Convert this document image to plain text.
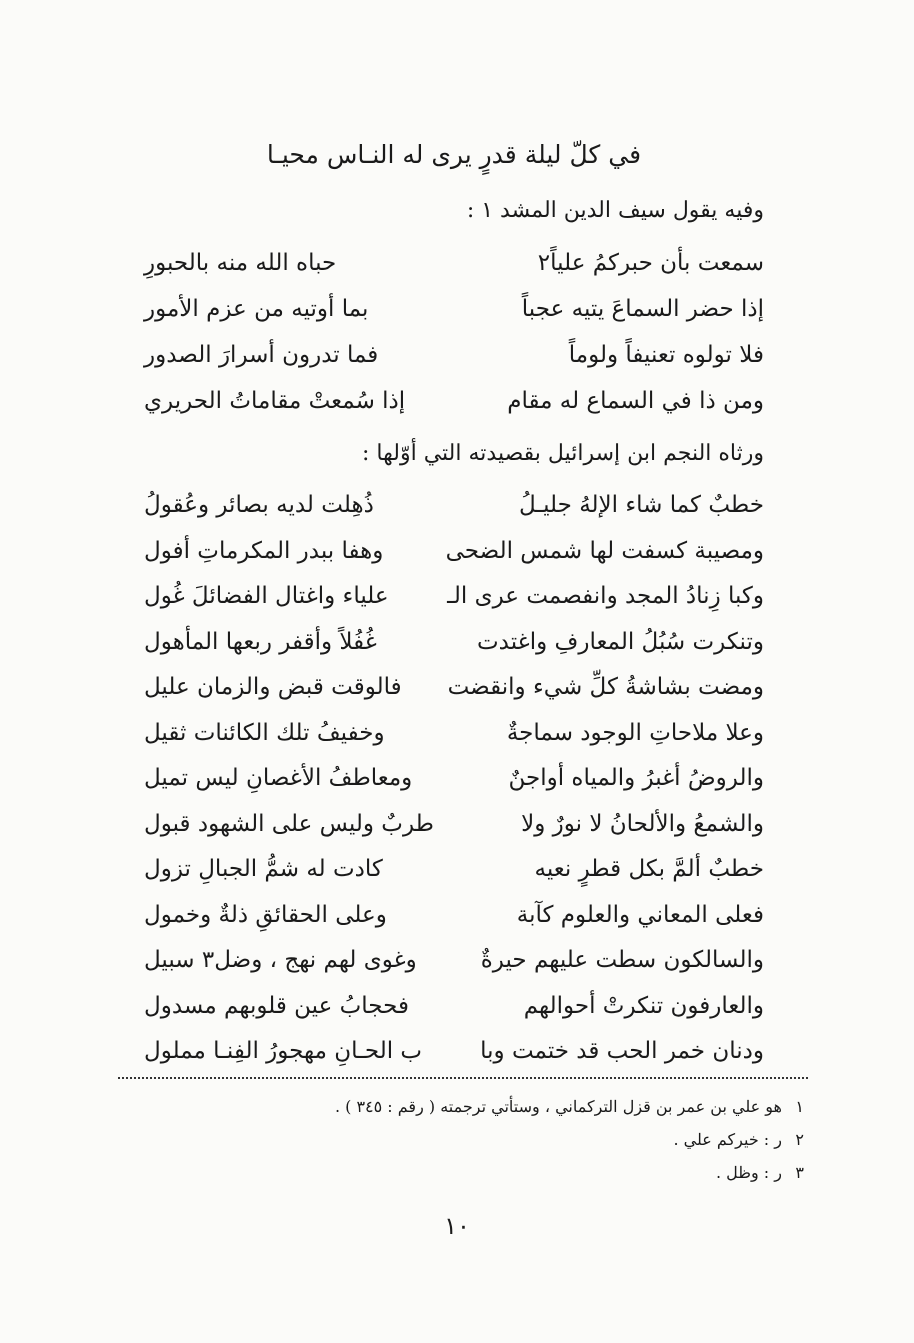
في كلّ ليلة قدرٍ يرى له النـاس محيـا
وفيه يقول سيف الدين المشد ١ :
سمعت بأن حبركمُ علياً٢
حباه الله منه بالحبورِ
إذا حضر السماعَ يتيه عجباً
بما أوتيه من عزم الأمور
فلا تولوه تعنيفاً ولوماً
فما تدرون أسرارَ الصدور
ومن ذا في السماع له مقام
إذا سُمعتْ مقاماتُ الحريري
ورثاه النجم ابن إسرائيل بقصيدته التي أوّلها :
خطبٌ كما شاء الإلهُ جليـلُ
ذُهِلت لديه بصائر وعُقولُ
ومصيبة كسفت لها شمس الضحى
وهفا ببدر المكرماتِ أفول
وكبا زِنادُ المجد وانفصمت عرى الـ
علياء واغتال الفضائلَ غُول
وتنكرت سُبُلُ المعارفِ واغتدت
غُفُلاً وأقفر ربعها المأهول
ومضت بشاشةُ كلِّ شيء وانقضت
فالوقت قبض والزمان عليل
وعلا ملاحاتِ الوجود سماجةٌ
وخفيفُ تلك الكائنات ثقيل
والروضُ أغبرُ والمياه أواجنٌ
ومعاطفُ الأغصانِ ليس تميل
والشمعُ والألحانُ لا نورٌ ولا
طربٌ وليس على الشهود قبول
خطبٌ ألمَّ بكل قطرٍ نعيه
كادت له شمُّ الجبالِ تزول
فعلى المعاني والعلوم كآبة
وعلى الحقائقِ ذلةٌ وخمول
والسالكون سطت عليهم حيرةٌ
وغوى لهم نهج ، وضل٣ سبيل
والعارفون تنكرتْ أحوالهم
فحجابُ عين قلوبهم مسدول
ودنان خمر الحب قد ختمت وبا
ب الحـانِ مهجورُ الفِنـا مملول
١هو علي بن عمر بن قزل التركماني ، وستأتي ترجمته ( رقم : ٣٤٥ ) .
٢ر : خيركم علي .
٣ر : وظل .
١٠
